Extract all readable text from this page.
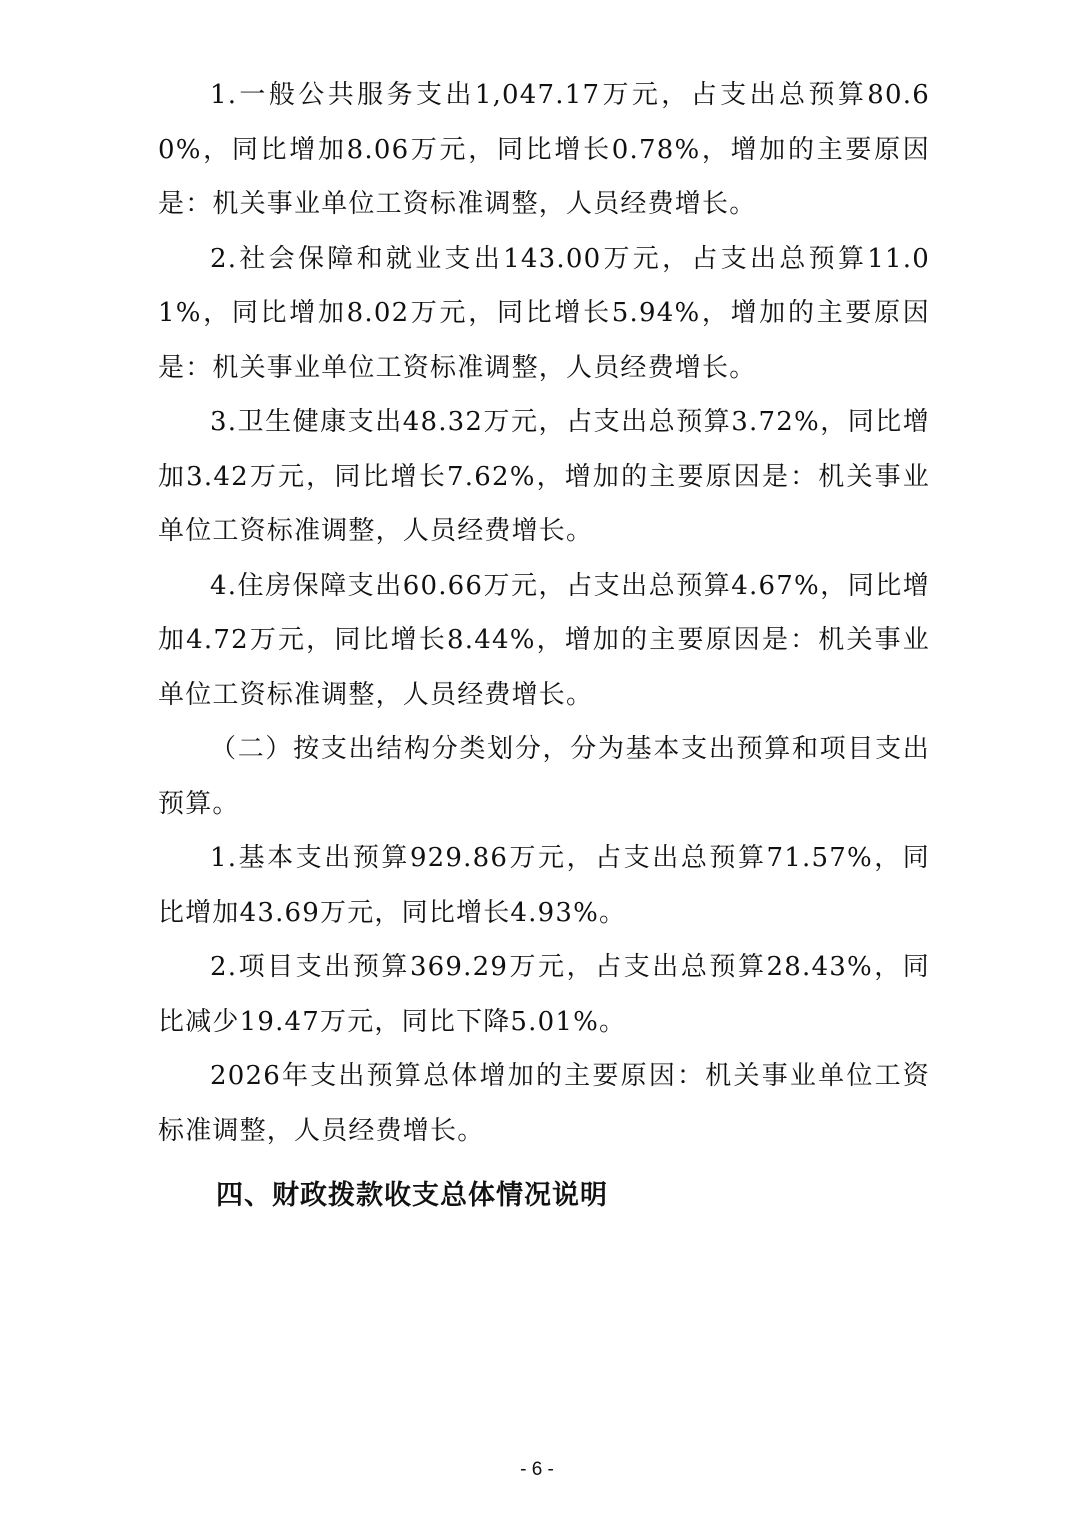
1.一般公共服务支出1,047.17万元，占支出总预算80.60%，同比增加8.06万元，同比增长0.78%，增加的主要原因是：机关事业单位工资标准调整，人员经费增长。

2.社会保障和就业支出143.00万元，占支出总预算11.01%，同比增加8.02万元，同比增长5.94%，增加的主要原因是：机关事业单位工资标准调整，人员经费增长。

3.卫生健康支出48.32万元，占支出总预算3.72%，同比增加3.42万元，同比增长7.62%，增加的主要原因是：机关事业单位工资标准调整，人员经费增长。

4.住房保障支出60.66万元，占支出总预算4.67%，同比增加4.72万元，同比增长8.44%，增加的主要原因是：机关事业单位工资标准调整，人员经费增长。

（二）按支出结构分类划分，分为基本支出预算和项目支出预算。

1.基本支出预算929.86万元，占支出总预算71.57%，同比增加43.69万元，同比增长4.93%。

2.项目支出预算369.29万元，占支出总预算28.43%，同比减少19.47万元，同比下降5.01%。

2026年支出预算总体增加的主要原因：机关事业单位工资标准调整，人员经费增长。

四、财政拨款收支总体情况说明
- 6 -
